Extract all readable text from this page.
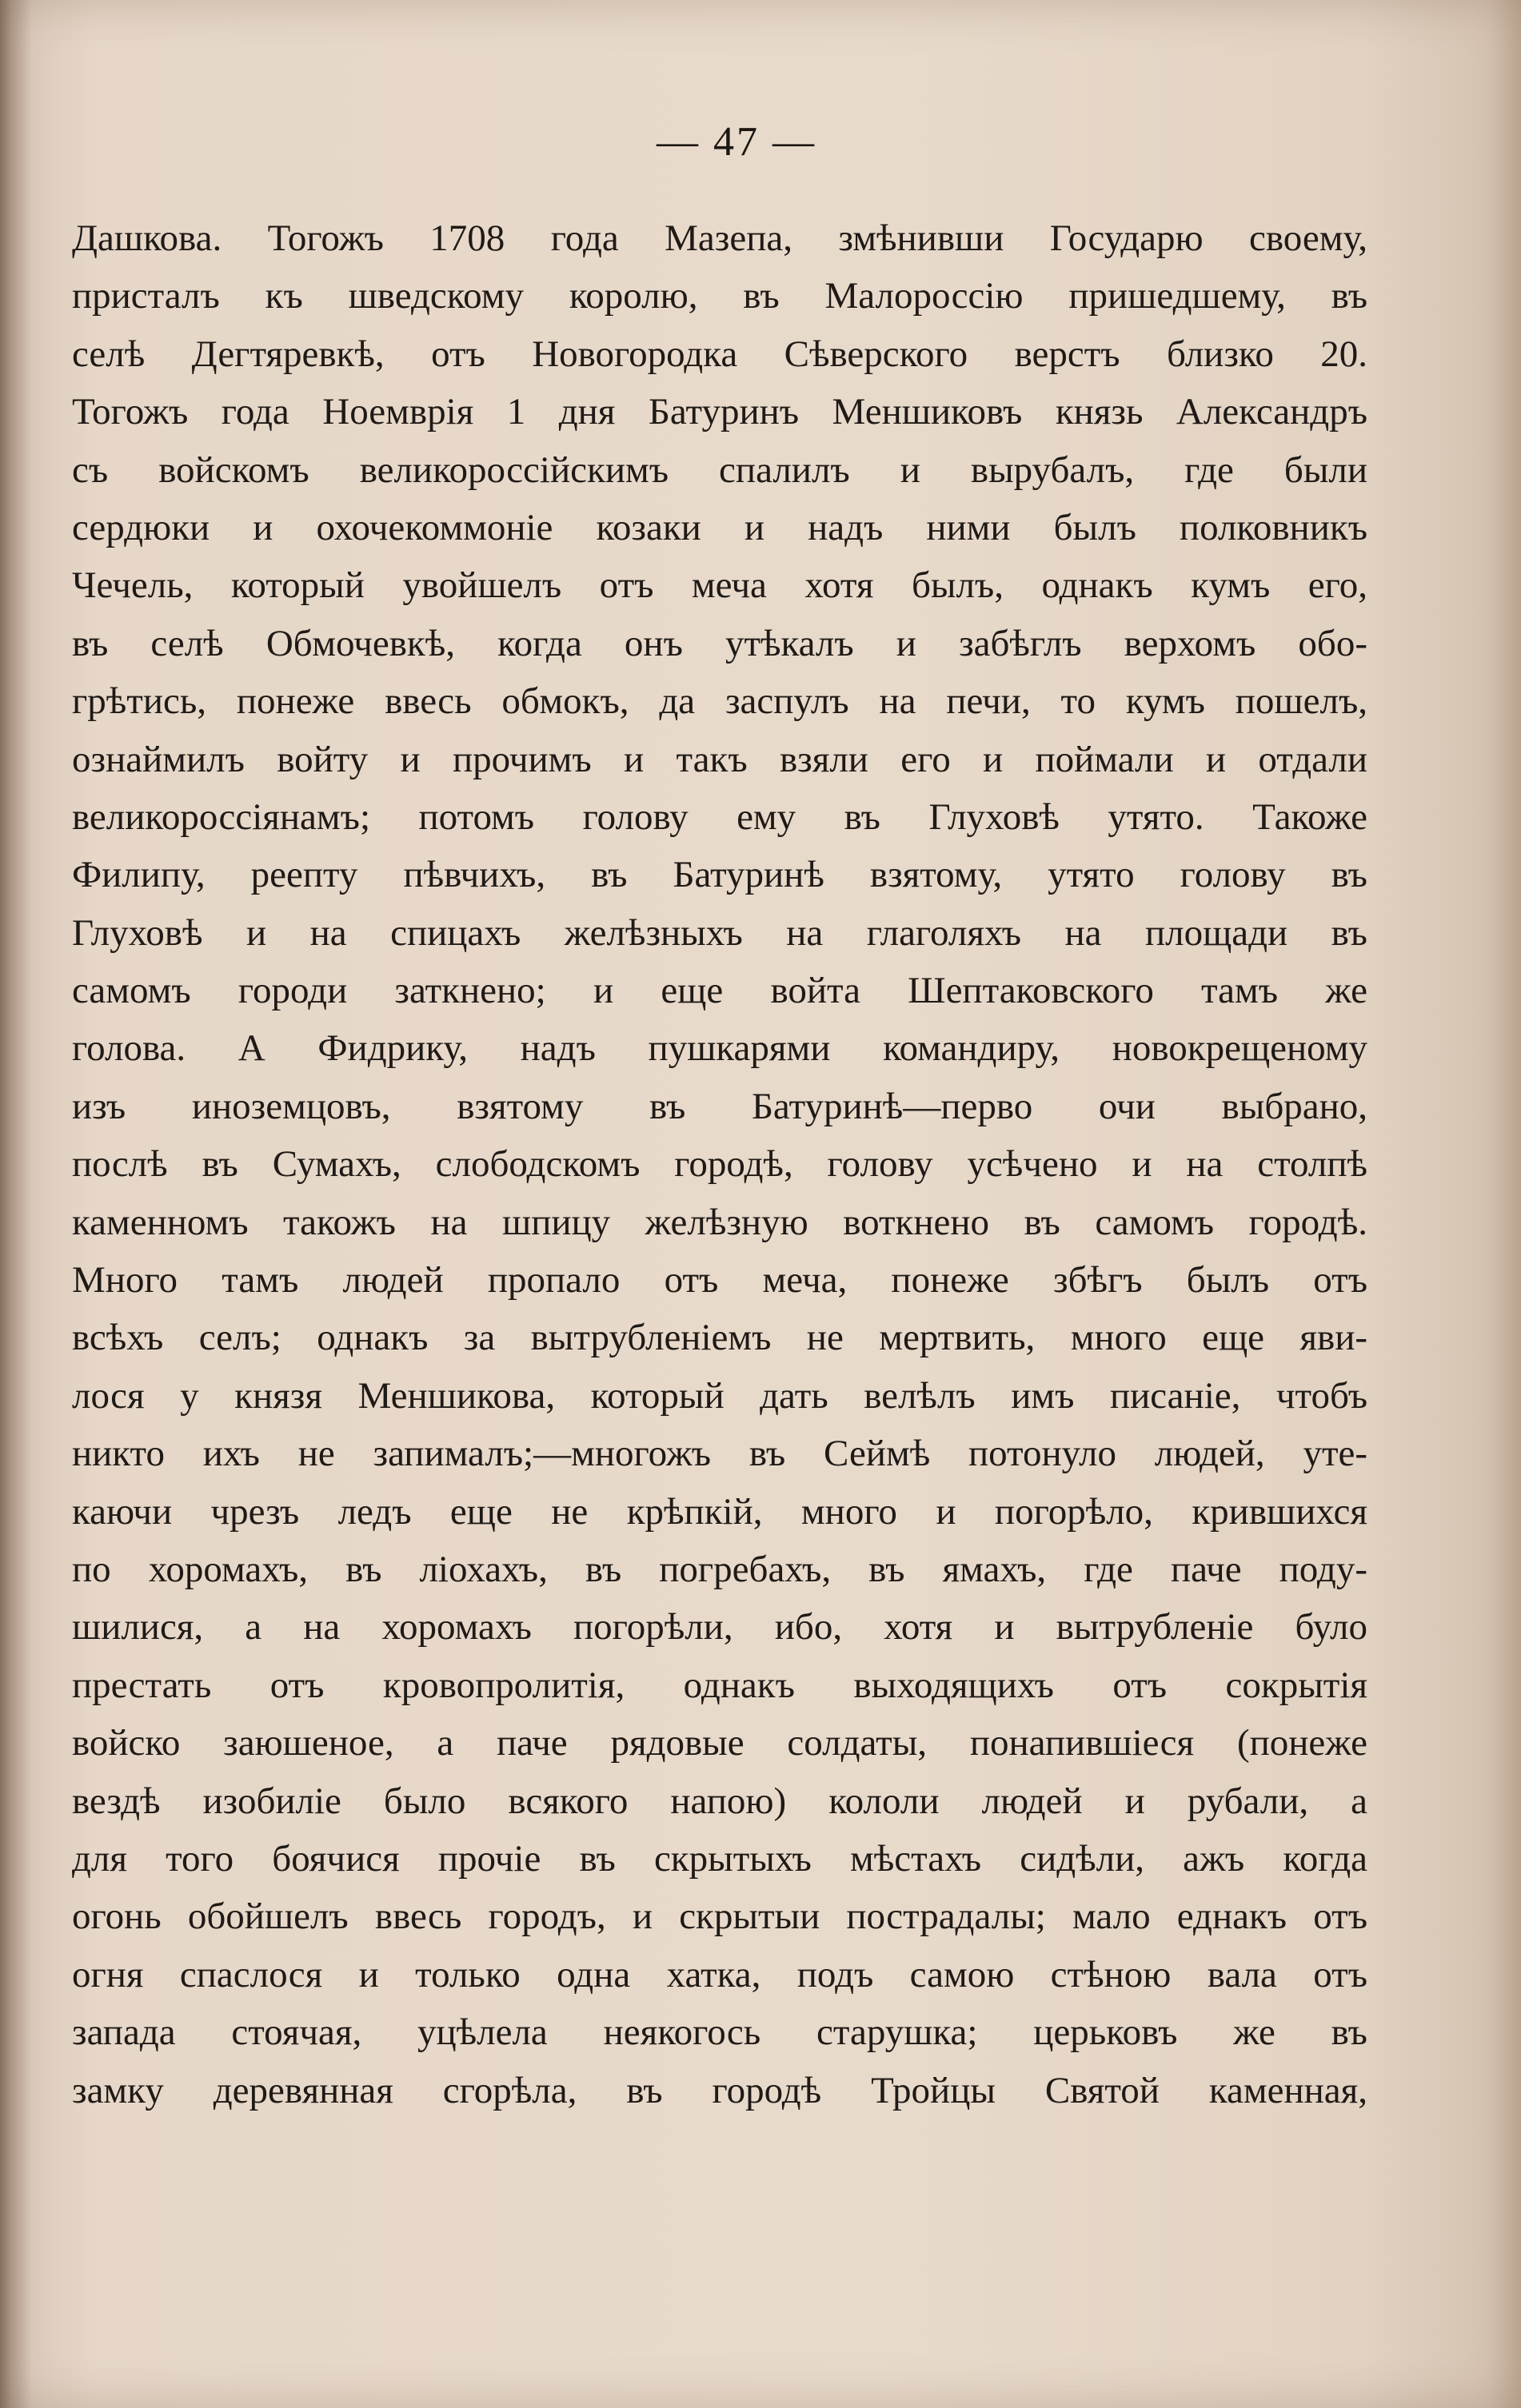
— 47 —
Дашкова. Тогожъ 1708 года Мазепа, змѣнивши Государю своему,
присталъ къ шведскому королю, въ Малороссію пришедшему, въ
селѣ Дегтяревкѣ, отъ Новогородка Сѣверского верстъ близко 20.
Тогожъ года Ноемврія 1 дня Батуринъ Меншиковъ князь Александръ
съ войскомъ великороссійскимъ спалилъ и вырубалъ, где были
сердюки и охочекоммоніе козаки и надъ ними былъ полковникъ
Чечель, который увойшелъ отъ меча хотя былъ, однакъ кумъ его,
въ селѣ Обмочевкѣ, когда онъ утѣкалъ и забѣглъ верхомъ обо-
грѣтись, понеже ввесь обмокъ, да заспулъ на печи, то кумъ пошелъ,
ознаймилъ войту и прочимъ и такъ взяли его и поймали и отдали
великороссіянамъ; потомъ голову ему въ Глуховѣ утято. Такоже
Филипу, реепту пѣвчихъ, въ Батуринѣ взятому, утято голову въ
Глуховѣ и на спицахъ желѣзныхъ на глаголяхъ на площади въ
самомъ городи заткнено; и еще войта Шептаковского тамъ же
голова. А Фидрику, надъ пушкарями командиру, новокрещеному
изъ иноземцовъ, взятому въ Батуринѣ—перво очи выбрано,
послѣ въ Сумахъ, слободскомъ городѣ, голову усѣчено и на столпѣ
каменномъ такожъ на шпицу желѣзную воткнено въ самомъ городѣ.
Много тамъ людей пропало отъ меча, понеже збѣгъ былъ отъ
всѣхъ селъ; однакъ за вытрубленіемъ не мертвить, много еще яви-
лося у князя Меншикова, который дать велѣлъ имъ писаніе, чтобъ
никто ихъ не запималъ;—многожъ въ Сеймѣ потонуло людей, уте-
каючи чрезъ ледъ еще не крѣпкій, много и погорѣло, крившихся
по хоромахъ, въ ліохахъ, въ погребахъ, въ ямахъ, где паче поду-
шилися, а на хоромахъ погорѣли, ибо, хотя и вытрубленіе було
престать отъ кровопролитія, однакъ выходящихъ отъ сокрытія
войско заюшеное, а паче рядовые солдаты, понапившіеся (понеже
вездѣ изобиліе было всякого напою) кололи людей и рубали, а
для того боячися прочіе въ скрытыхъ мѣстахъ сидѣли, ажъ когда
огонь обойшелъ ввесь городъ, и скрытыи пострадалы; мало еднакъ отъ
огня спаслося и только одна хатка, подъ самою стѣною вала отъ
запада стоячая, уцѣлела неякогось старушка; церьковъ же въ
замку деревянная сгорѣла, въ городѣ Тройцы Святой каменная,
